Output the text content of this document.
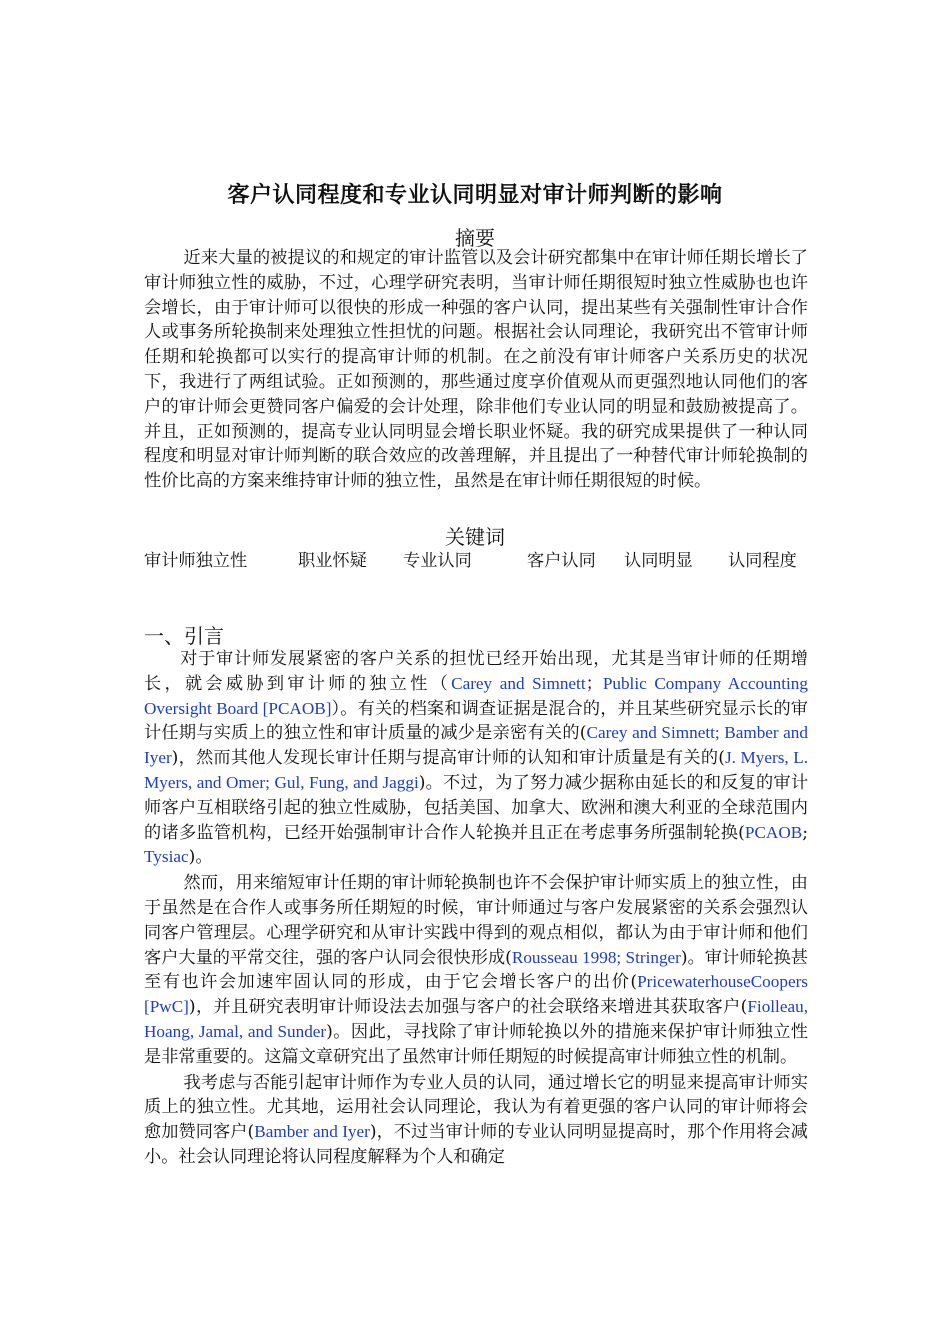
客户认同程度和专业认同明显对审计师判断的影响
摘要

近来大量的被提议的和规定的审计监管以及会计研究都集中在审计师任期长增长了审计师独立性的威胁，不过，心理学研究表明，当审计师任期很短时独立性威胁也也许会增长，由于审计师可以很快的形成一种强的客户认同，提出某些有关强制性审计合作人或事务所轮换制来处理独立性担忧的问题。根据社会认同理论，我研究出不管审计师任期和轮换都可以实行的提高审计师的机制。在之前没有审计师客户关系历史的状况下，我进行了两组试验。正如预测的，那些通过度享价值观从而更强烈地认同他们的客户的审计师会更赞同客户偏爱的会计处理，除非他们专业认同的明显和鼓励被提高了。并且，正如预测的，提高专业认同明显会增长职业怀疑。我的研究成果提供了一种认同程度和明显对审计师判断的联合效应的改善理解，并且提出了一种替代审计师轮换制的性价比高的方案来维持审计师的独立性，虽然是在审计师任期很短的时候。

关键词
审计师独立性	职业怀疑 专业认同	客户认同 认同明显 认同程度
一、引言

对于审计师发展紧密的客户关系的担忧已经开始出现，尤其是当审计师的任期增长，就会威胁到审计师的独立性（Carey and Simnett；Public Company Accounting Oversight Board [PCAOB]）。有关的档案和调查证据是混合的，并且某些研究显示长的审计任期与实质上的独立性和审计质量的减少是亲密有关的(Carey and Simnett; Bamber and Iyer)，然而其他人发现长审计任期与提高审计师的认知和审计质量是有关的(J. Myers, L. Myers, and Omer; Gul, Fung, and Jaggi)。不过，为了努力减少据称由延长的和反复的审计师客户互相联络引起的独立性威胁，包括美国、加拿大、欧洲和澳大利亚的全球范围内的诸多监管机构，已经开始强制审计合作人轮换并且正在考虑事务所强制轮换(PCAOB; Tysiac)。

然而，用来缩短审计任期的审计师轮换制也许不会保护审计师实质上的独立性，由于虽然是在合作人或事务所任期短的时候，审计师通过与客户发展紧密的关系会强烈认同客户管理层。心理学研究和从审计实践中得到的观点相似，都认为由于审计师和他们客户大量的平常交往，强的客户认同会很快形成(Rousseau 1998; Stringer)。审计师轮换甚至有也许会加速牢固认同的形成，由于它会增长客户的出价(PricewaterhouseCoopers [PwC])，并且研究表明审计师设法去加强与客户的社会联络来增进其获取客户(Fiolleau, Hoang, Jamal, and Sunder)。因此，寻找除了审计师轮换以外的措施来保护审计师独立性是非常重要的。这篇文章研究出了虽然审计师任期短的时候提高审计师独立性的机制。

我考虑与否能引起审计师作为专业人员的认同，通过增长它的明显来提高审计师实质上的独立性。尤其地，运用社会认同理论，我认为有着更强的客户认同的审计师将会愈加赞同客户(Bamber and Iyer)，不过当审计师的专业认同明显提高时，那个作用将会减小。社会认同理论将认同程度解释为个人和确定
